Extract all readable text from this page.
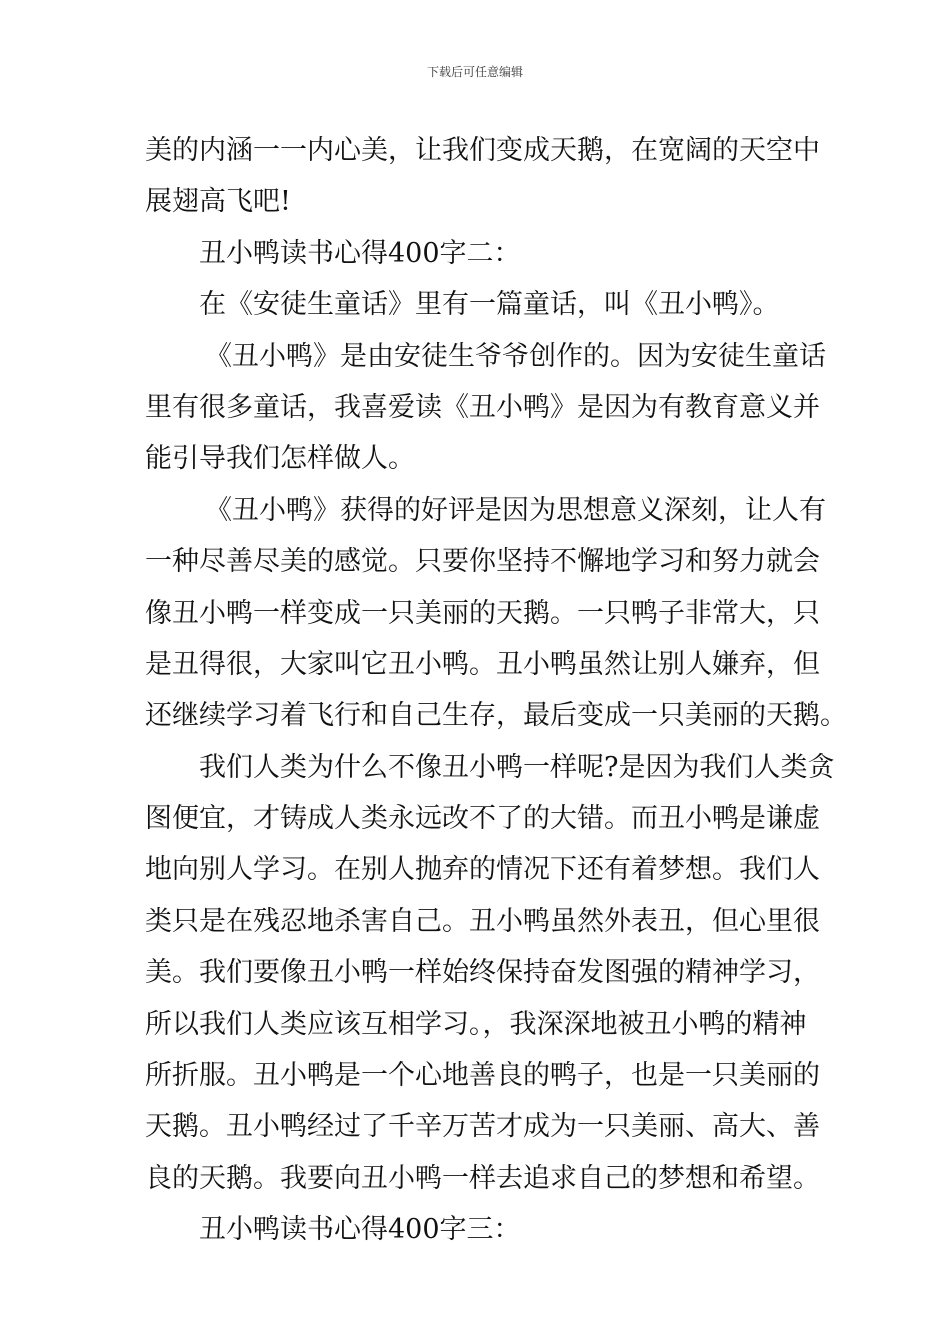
下载后可任意编辑
美的内涵一一内心美，让我们变成天鹅，在宽阔的天空中
展翅高飞吧!
丑小鸭读书心得400字二：
在《安徒生童话》里有一篇童话，叫《丑小鸭》。
《丑小鸭》是由安徒生爷爷创作的。因为安徒生童话
里有很多童话，我喜爱读《丑小鸭》是因为有教育意义并
能引导我们怎样做人。
《丑小鸭》获得的好评是因为思想意义深刻，让人有
一种尽善尽美的感觉。只要你坚持不懈地学习和努力就会
像丑小鸭一样变成一只美丽的天鹅。一只鸭子非常大，只
是丑得很，大家叫它丑小鸭。丑小鸭虽然让别人嫌弃，但
还继续学习着飞行和自己生存，最后变成一只美丽的天鹅。
我们人类为什么不像丑小鸭一样呢?是因为我们人类贪
图便宜，才铸成人类永远改不了的大错。而丑小鸭是谦虚
地向别人学习。在别人抛弃的情况下还有着梦想。我们人
类只是在残忍地杀害自己。丑小鸭虽然外表丑，但心里很
美。我们要像丑小鸭一样始终保持奋发图强的精神学习，
所以我们人类应该互相学习。，我深深地被丑小鸭的精神
所折服。丑小鸭是一个心地善良的鸭子，也是一只美丽的
天鹅。丑小鸭经过了千辛万苦才成为一只美丽、高大、善
良的天鹅。我要向丑小鸭一样去追求自己的梦想和希望。
丑小鸭读书心得400字三：
